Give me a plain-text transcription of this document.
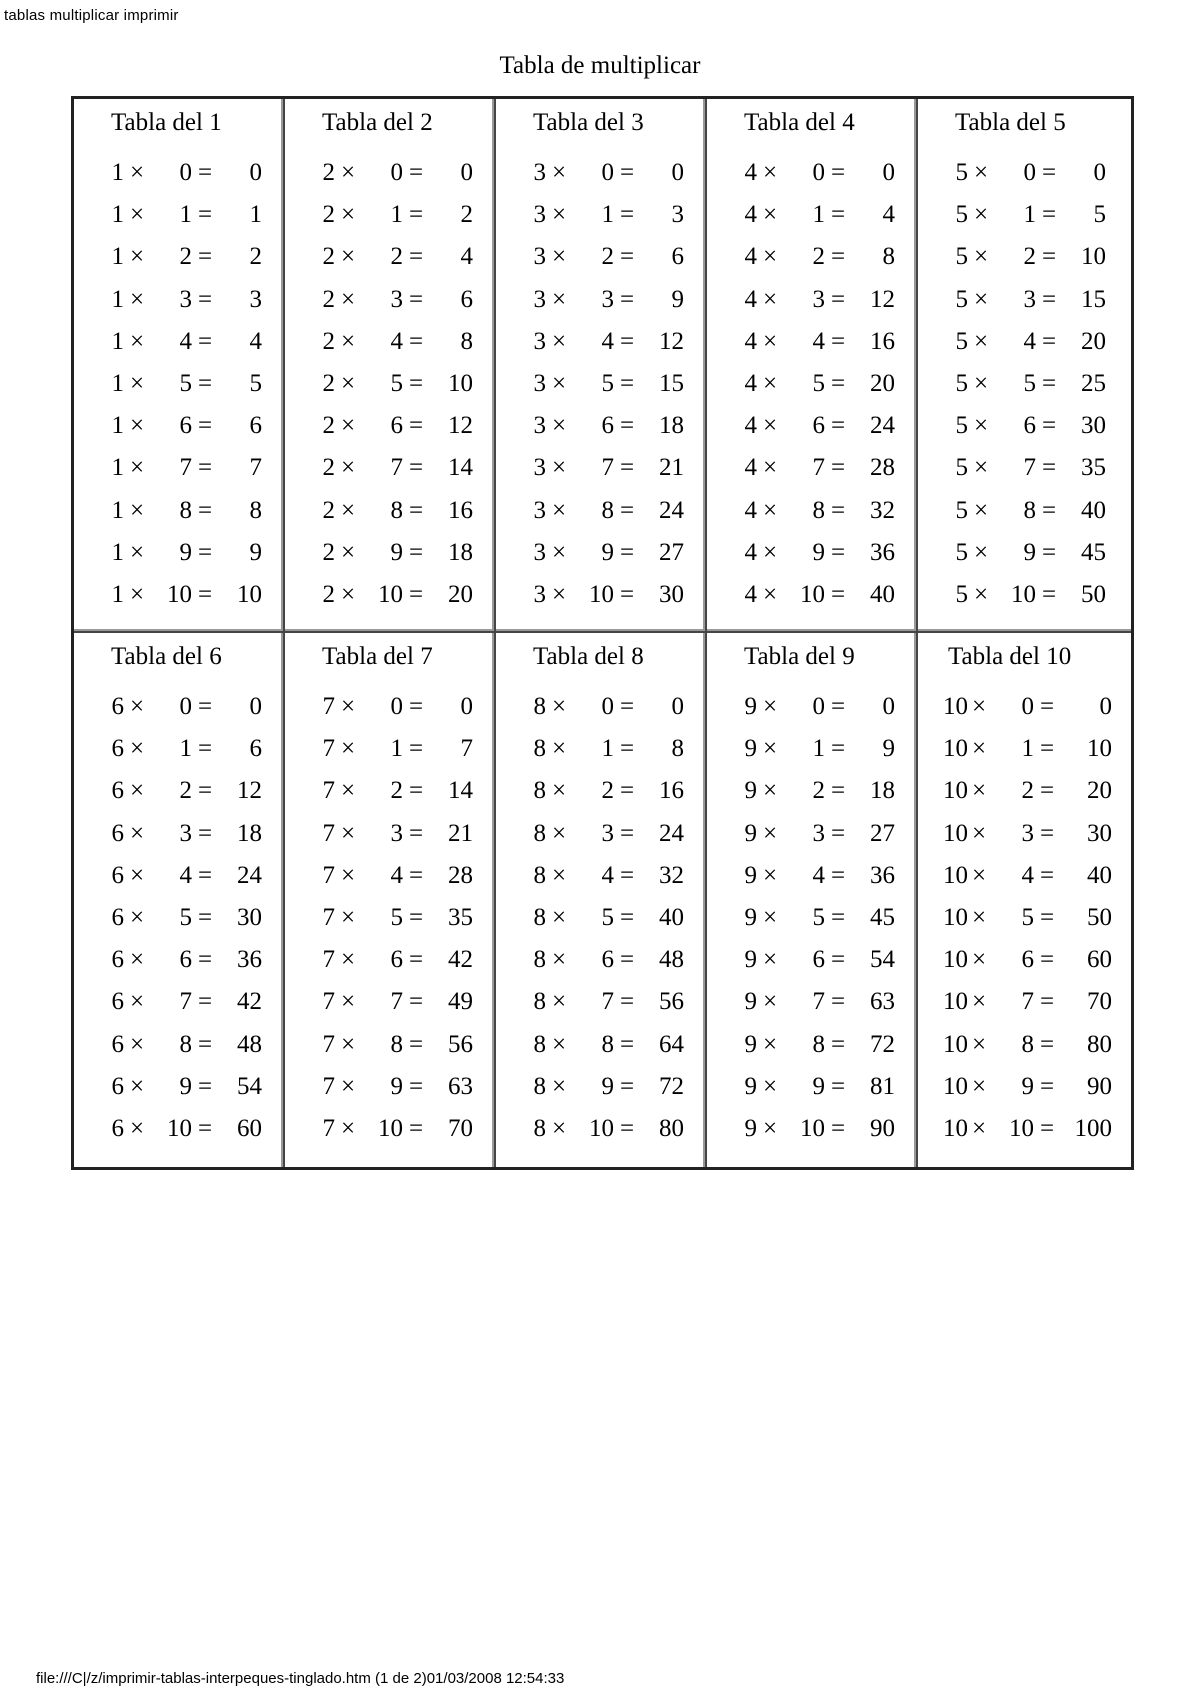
tablas multiplicar imprimir
Tabla de multiplicar
Tabla del 1
1 ×	0 =	0
1 ×	1 =	1
1 ×	2 =	2
1 ×	3 =	3
1 ×	4 =	4
1 ×	5 =	5
1 ×	6 =	6
1 ×	7 =	7
1 ×	8 =	8
1 ×	9 =	9
1 × 10 = 10
Tabla del 2
2 ×	0 =	0
2 ×	1 =	2
2 ×	2 =	4
2 ×	3 =	6
2 ×	4 =	8
2 ×	5 = 10
2 ×	6 = 12
2 ×	7 = 14
2 ×	8 = 16
2 ×	9 = 18
2 × 10 = 20
Tabla del 3
3 ×	0 =	0
3 ×	1 =	3
3 ×	2 =	6
3 ×	3 =	9
3 ×	4 = 12
3 ×	5 = 15
3 ×	6 = 18
3 ×	7 = 21
3 ×	8 = 24
3 ×	9 = 27
3 × 10 = 30
Tabla del 4
4 ×	0 =	0
4 ×	1 =	4
4 ×	2 =	8
4 ×	3 = 12
4 ×	4 = 16
4 ×	5 = 20
4 ×	6 = 24
4 ×	7 = 28
4 ×	8 = 32
4 ×	9 = 36
4 × 10 = 40
Tabla del 5
5 ×	0 =	0
5 ×	1 =	5
5 ×	2 = 10
5 ×	3 = 15
5 ×	4 = 20
5 ×	5 = 25
5 ×	6 = 30
5 ×	7 = 35
5 ×	8 = 40
5 ×	9 = 45
5 × 10 = 50
Tabla del 6
6 ×	0 =	0
6 ×	1 =	6
6 ×	2 = 12
6 ×	3 = 18
6 ×	4 = 24
6 ×	5 = 30
6 ×	6 = 36
6 ×	7 = 42
6 ×	8 = 48
6 ×	9 = 54
6 × 10 = 60
Tabla del 7
7 ×	0 =	0
7 ×	1 =	7
7 ×	2 = 14
7 ×	3 = 21
7 ×	4 = 28
7 ×	5 = 35
7 ×	6 = 42
7 ×	7 = 49
7 ×	8 = 56
7 ×	9 = 63
7 × 10 = 70
Tabla del 8
8 ×	0 =	0
8 ×	1 =	8
8 ×	2 = 16
8 ×	3 = 24
8 ×	4 = 32
8 ×	5 = 40
8 ×	6 = 48
8 ×	7 = 56
8 ×	8 = 64
8 ×	9 = 72
8 × 10 = 80
Tabla del 9
9 ×	0 =	0
9 ×	1 =	9
9 ×	2 = 18
9 ×	3 = 27
9 ×	4 = 36
9 ×	5 = 45
9 ×	6 = 54
9 ×	7 = 63
9 ×	8 = 72
9 ×	9 = 81
9 × 10 = 90
Tabla del 10
10 ×	0 =	0
10 ×	1 =	10
10 ×	2 =	20
10 ×	3 =	30
10 ×	4 =	40
10 ×	5 =	50
10 ×	6 =	60
10 ×	7 =	70
10 ×	8 =	80
10 ×	9 =	90
10 × 10 = 100
file:///C|/z/imprimir-tablas-interpeques-tinglado.htm (1 de 2)01/03/2008 12:54:33
